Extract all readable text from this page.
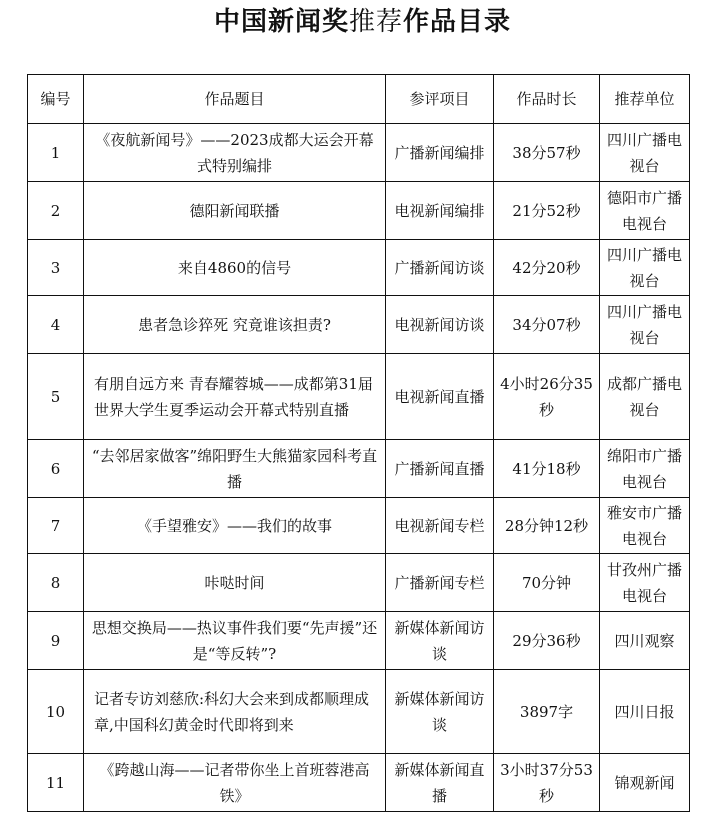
中国新闻奖推荐作品目录
编号	作品题目	参评项目	作品时长	推荐单位
1	《夜航新闻号》——2023成都大运会开幕式特别编排	广播新闻编排	38分57秒	四川广播电视台
2	德阳新闻联播	电视新闻编排	21分52秒	德阳市广播电视台
3	来自4860的信号	广播新闻访谈	42分20秒	四川广播电视台
4	患者急诊猝死 究竟谁该担责?	电视新闻访谈	34分07秒	四川广播电视台
5	有朋自远方来 青春耀蓉城——成都第31届世界大学生夏季运动会开幕式特别直播	电视新闻直播	4小时26分35秒	成都广播电视台
6	“去邻居家做客”绵阳野生大熊猫家园科考直播	广播新闻直播	41分18秒	绵阳市广播电视台
7	《手望雅安》——我们的故事	电视新闻专栏	28分钟12秒	雅安市广播电视台
8	咔哒时间	广播新闻专栏	70分钟	甘孜州广播电视台
9	思想交换局——热议事件我们要“先声援”还是“等反转”?	新媒体新闻访谈	29分36秒	四川观察
10	记者专访刘慈欣:科幻大会来到成都顺理成章,中国科幻黄金时代即将到来	新媒体新闻访谈	3897字	四川日报
11	《跨越山海——记者带你坐上首班蓉港高铁》	新媒体新闻直播	3小时37分53秒	锦观新闻
